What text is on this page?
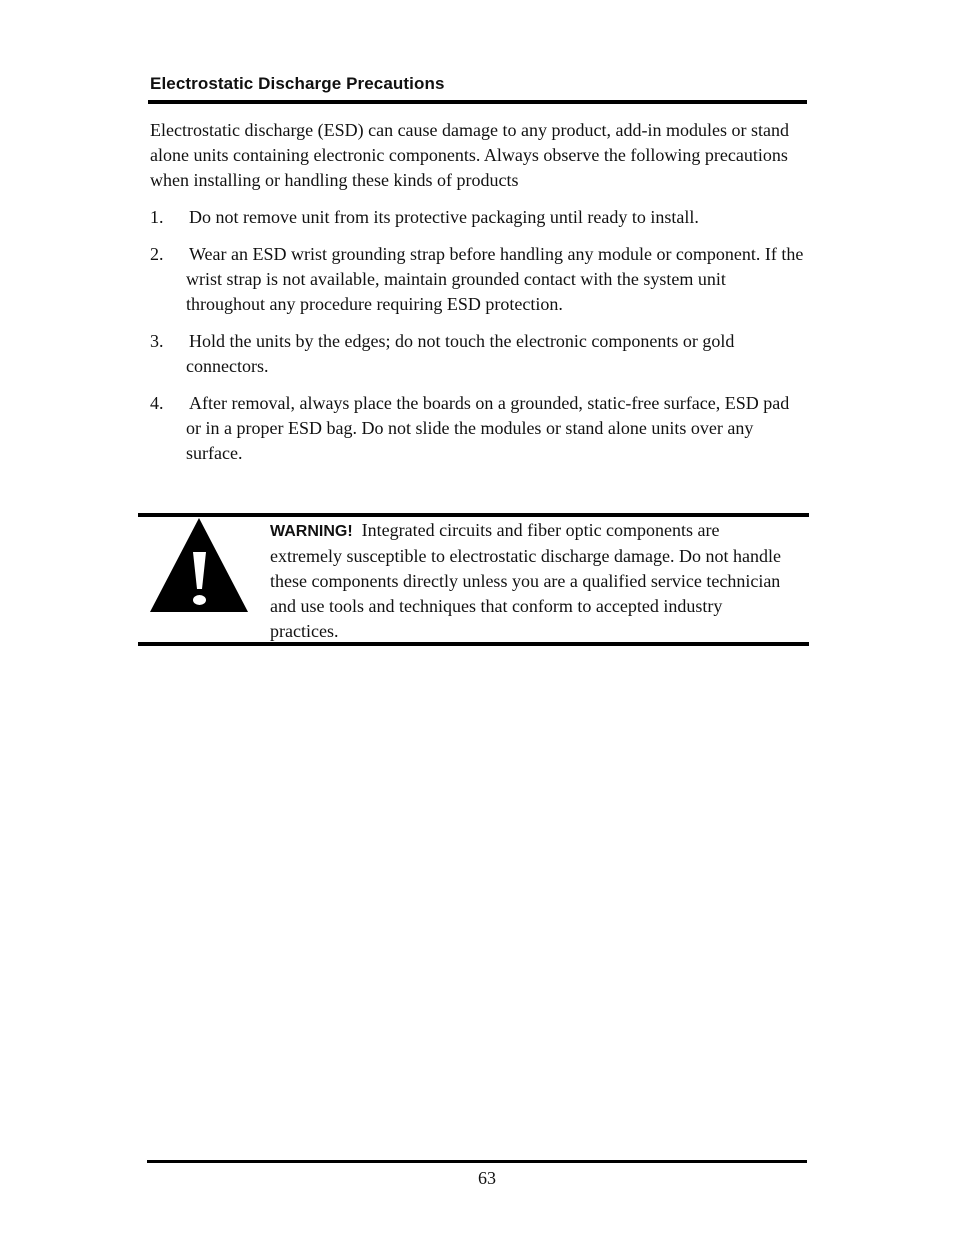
Electrostatic Discharge Precautions

Electrostatic discharge (ESD) can cause damage to any product, add-in modules or stand alone units containing electronic components. Always observe the following precautions when installing or handling these kinds of products

1.	Do not remove unit from its protective packaging until ready to install.
2.	Wear an ESD wrist grounding strap before handling any module or component. If the wrist strap is not available, maintain grounded contact with the system unit throughout any procedure requiring ESD protection.
3.	Hold the units by the edges; do not touch the electronic components or gold connectors.
4.	After removal, always place the boards on a grounded, static-free surface, ESD pad or in a proper ESD bag. Do not slide the modules or stand alone units over any surface.
WARNING! Integrated circuits and fiber optic components are extremely susceptible to electrostatic discharge damage. Do not handle these components directly unless you are a qualified service technician and use tools and techniques that conform to accepted industry practices.
63
